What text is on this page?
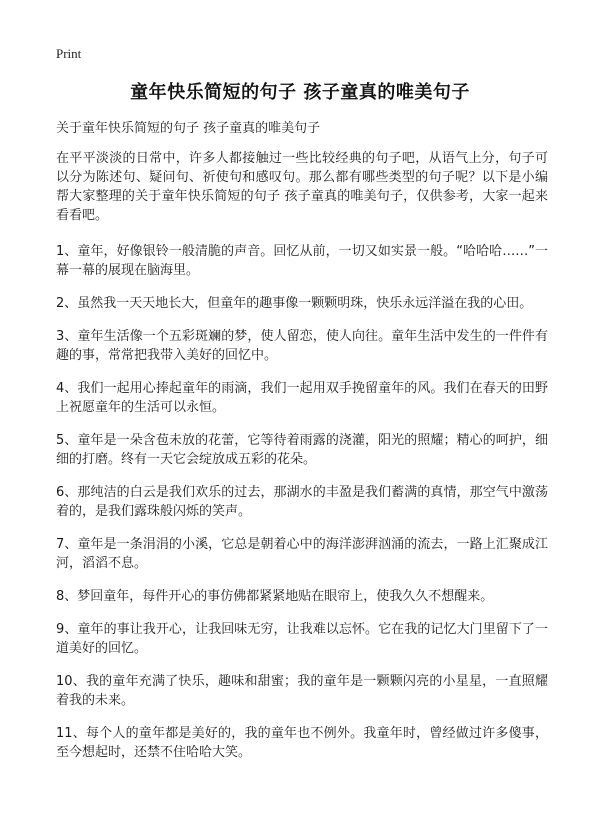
Print
童年快乐简短的句子 孩子童真的唯美句子
关于童年快乐简短的句子 孩子童真的唯美句子

在平平淡淡的日常中，许多人都接触过一些比较经典的句子吧，从语气上分，句子可以分为陈述句、疑问句、祈使句和感叹句。那么都有哪些类型的句子呢？以下是小编帮大家整理的关于童年快乐简短的句子 孩子童真的唯美句子，仅供参考，大家一起来看看吧。

1、童年，好像银铃一般清脆的声音。回忆从前，一切又如实景一般。“哈哈哈……”一幕一幕的展现在脑海里。

2、虽然我一天天地长大，但童年的趣事像一颗颗明珠，快乐永远洋溢在我的心田。

3、童年生活像一个五彩斑斓的梦，使人留恋，使人向往。童年生活中发生的一件件有趣的事，常常把我带入美好的回忆中。

4、我们一起用心捧起童年的雨滴，我们一起用双手挽留童年的风。我们在春天的田野上祝愿童年的生活可以永恒。

5、童年是一朵含苞未放的花蕾，它等待着雨露的浇灌，阳光的照耀；精心的呵护，细细的打磨。终有一天它会绽放成五彩的花朵。

6、那纯洁的白云是我们欢乐的过去，那湖水的丰盈是我们蓄满的真情，那空气中激荡着的，是我们露珠般闪烁的笑声。

7、童年是一条涓涓的小溪，它总是朝着心中的海洋澎湃汹涌的流去，一路上汇聚成江河，滔滔不息。

8、梦回童年，每件开心的事仿佛都紧紧地贴在眼帘上，使我久久不想醒来。

9、童年的事让我开心，让我回味无穷，让我难以忘怀。它在我的记忆大门里留下了一道美好的回忆。

10、我的童年充满了快乐，趣味和甜蜜；我的童年是一颗颗闪亮的小星星，一直照耀着我的未来。

11、每个人的童年都是美好的，我的童年也不例外。我童年时，曾经做过许多傻事，至今想起时，还禁不住哈哈大笑。
